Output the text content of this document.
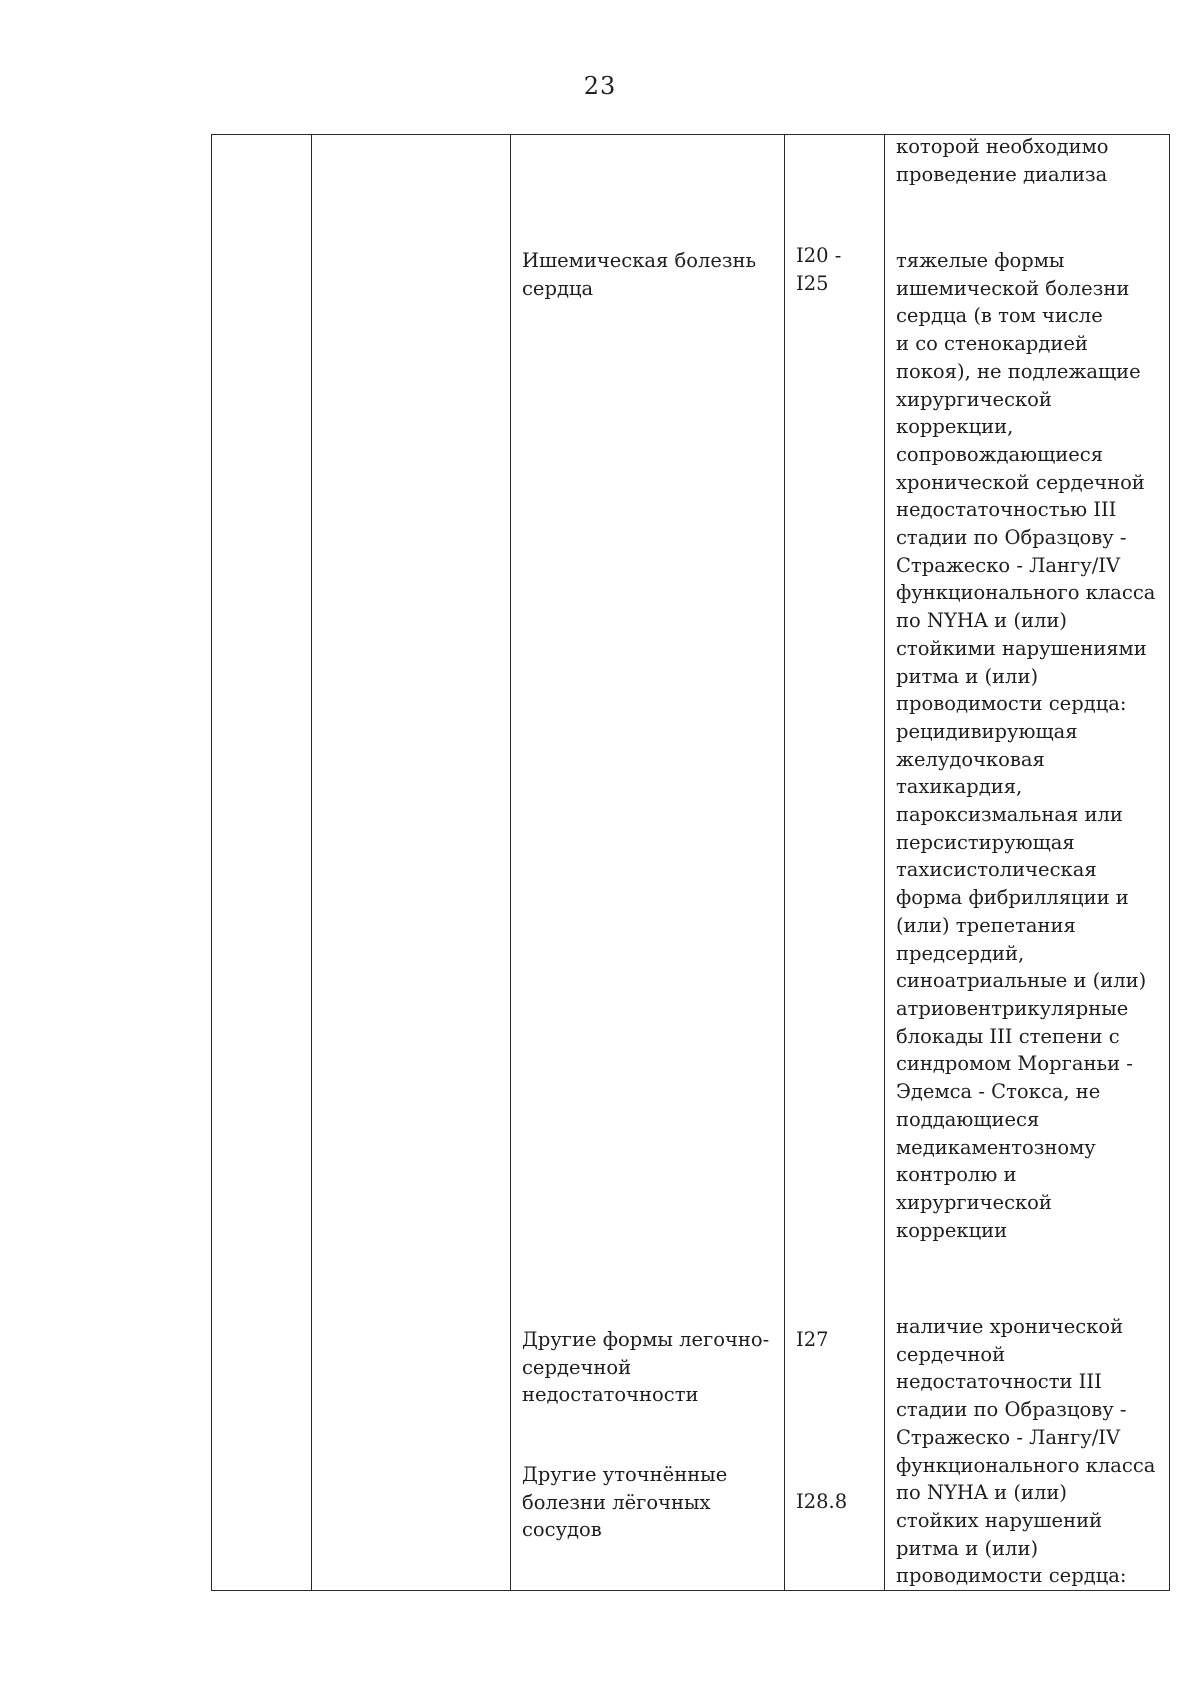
23
которой необходимо
проведение диализа
Ишемическая болезнь
сердца
I20 -
I25
тяжелые формы
ишемической болезни
сердца (в том числе
и со стенокардией
покоя), не подлежащие
хирургической
коррекции,
сопровождающиеся
хронической сердечной
недостаточностью III
стадии по Образцову -
Стражеско - Лангу/IV
функционального класса
по NYHA и (или)
стойкими нарушениями
ритма и (или)
проводимости сердца:
рецидивирующая
желудочковая
тахикардия,
пароксизмальная или
персистирующая
тахисистолическая
форма фибрилляции и
(или) трепетания
предсердий,
синоатриальные и (или)
атриовентрикулярные
блокады III степени с
синдромом Морганьи -
Эдемса - Стокса, не
поддающиеся
медикаментозному
контролю и
хирургической
коррекции
Другие формы легочно-
сердечной
недостаточности
I27
наличие хронической
сердечной
недостаточности III
стадии по Образцову -
Стражеско - Лангу/IV
функционального класса
по NYHA и (или)
стойких нарушений
ритма и (или)
проводимости сердца:
Другие уточнённые
болезни лёгочных
сосудов
I28.8
